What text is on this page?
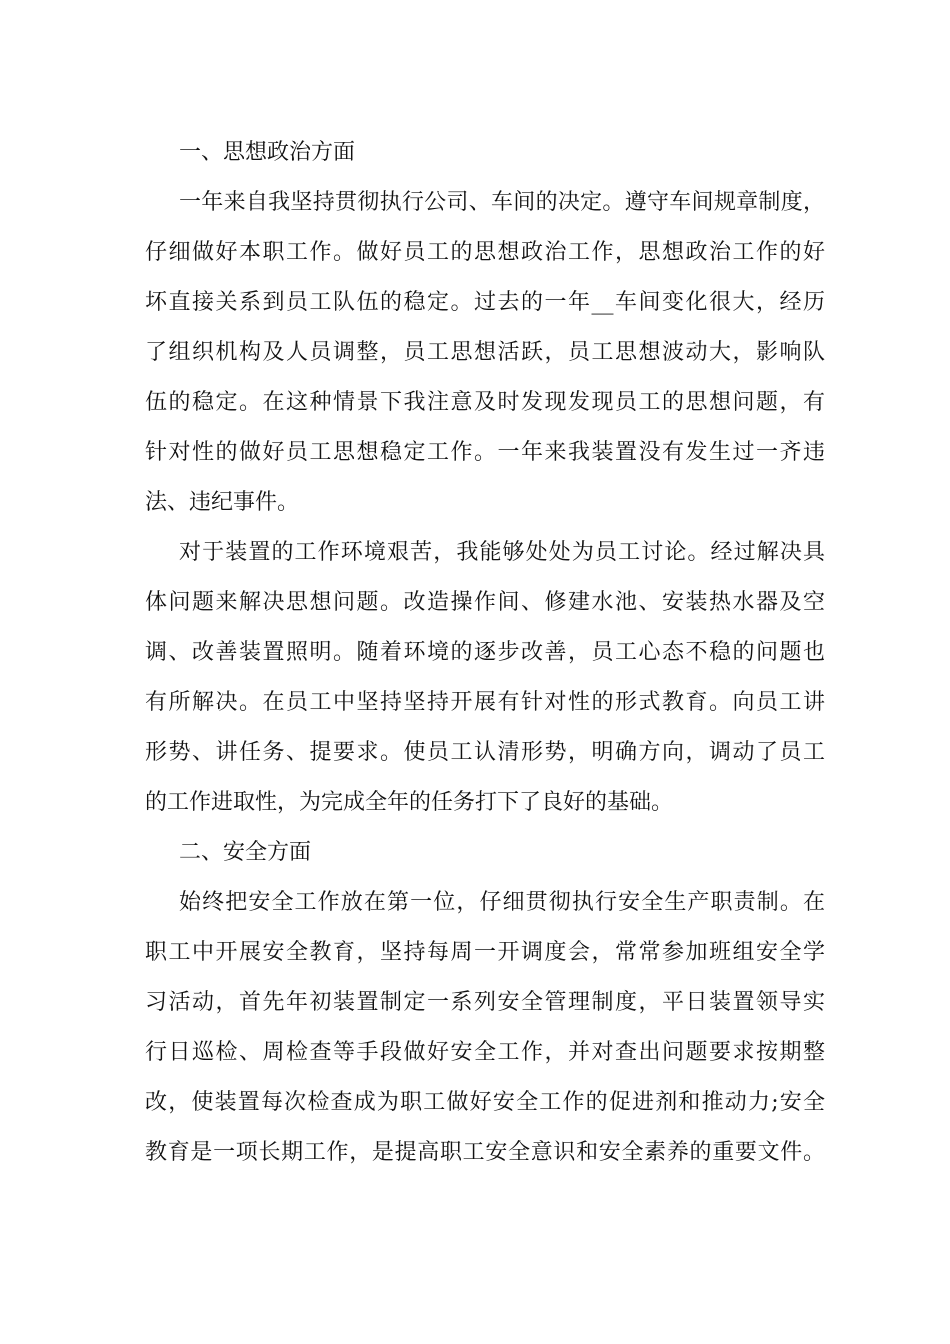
一、思想政治方面
一年来自我坚持贯彻执行公司、车间的决定。遵守车间规章制度，
仔细做好本职工作。做好员工的思想政治工作，思想政治工作的好
坏直接关系到员工队伍的稳定。过去的一年__车间变化很大，经历
了组织机构及人员调整，员工思想活跃，员工思想波动大，影响队
伍的稳定。在这种情景下我注意及时发现发现员工的思想问题，有
针对性的做好员工思想稳定工作。一年来我装置没有发生过一齐违
法、违纪事件。
对于装置的工作环境艰苦，我能够处处为员工讨论。经过解决具
体问题来解决思想问题。改造操作间、修建水池、安装热水器及空
调、改善装置照明。随着环境的逐步改善，员工心态不稳的问题也
有所解决。在员工中坚持坚持开展有针对性的形式教育。向员工讲
形势、讲任务、提要求。使员工认清形势，明确方向，调动了员工
的工作进取性，为完成全年的任务打下了良好的基础。
二、安全方面
始终把安全工作放在第一位，仔细贯彻执行安全生产职责制。在
职工中开展安全教育，坚持每周一开调度会，常常参加班组安全学
习活动，首先年初装置制定一系列安全管理制度，平日装置领导实
行日巡检、周检查等手段做好安全工作，并对查出问题要求按期整
改，使装置每次检查成为职工做好安全工作的促进剂和推动力;安全
教育是一项长期工作，是提高职工安全意识和安全素养的重要文件。
